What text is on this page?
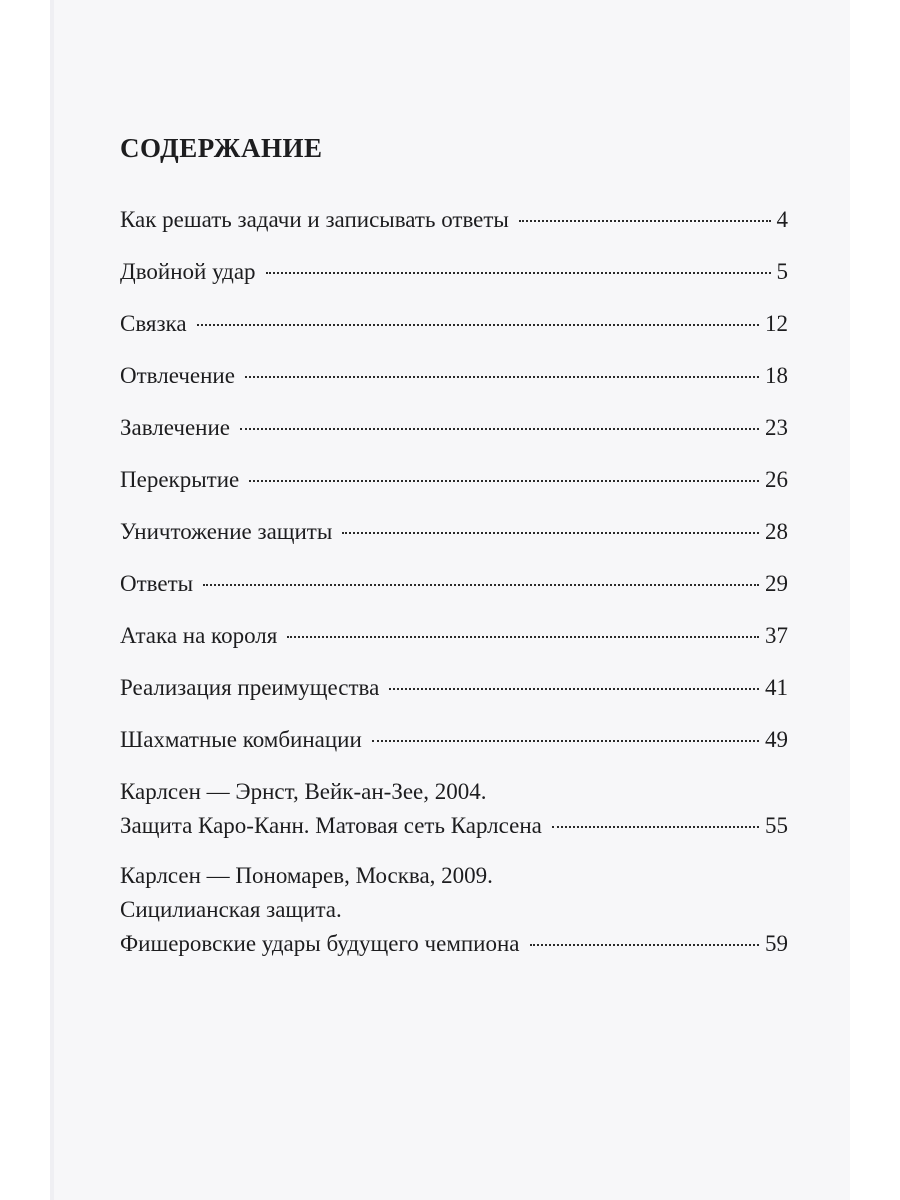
СОДЕРЖАНИЕ
Как решать задачи и записывать ответы	4
Двойной удар	5
Связка	12
Отвлечение	18
Завлечение	23
Перекрытие	26
Уничтожение защиты	28
Ответы	29
Атака на короля	37
Реализация преимущества	41
Шахматные комбинации	49
Карлсен — Эрнст, Вейк-ан-Зее, 2004.
Защита Каро-Канн. Матовая сеть Карлсена	55
Карлсен — Пономарев, Москва, 2009.
Сицилианская защита.
Фишеровские удары будущего чемпиона	59
